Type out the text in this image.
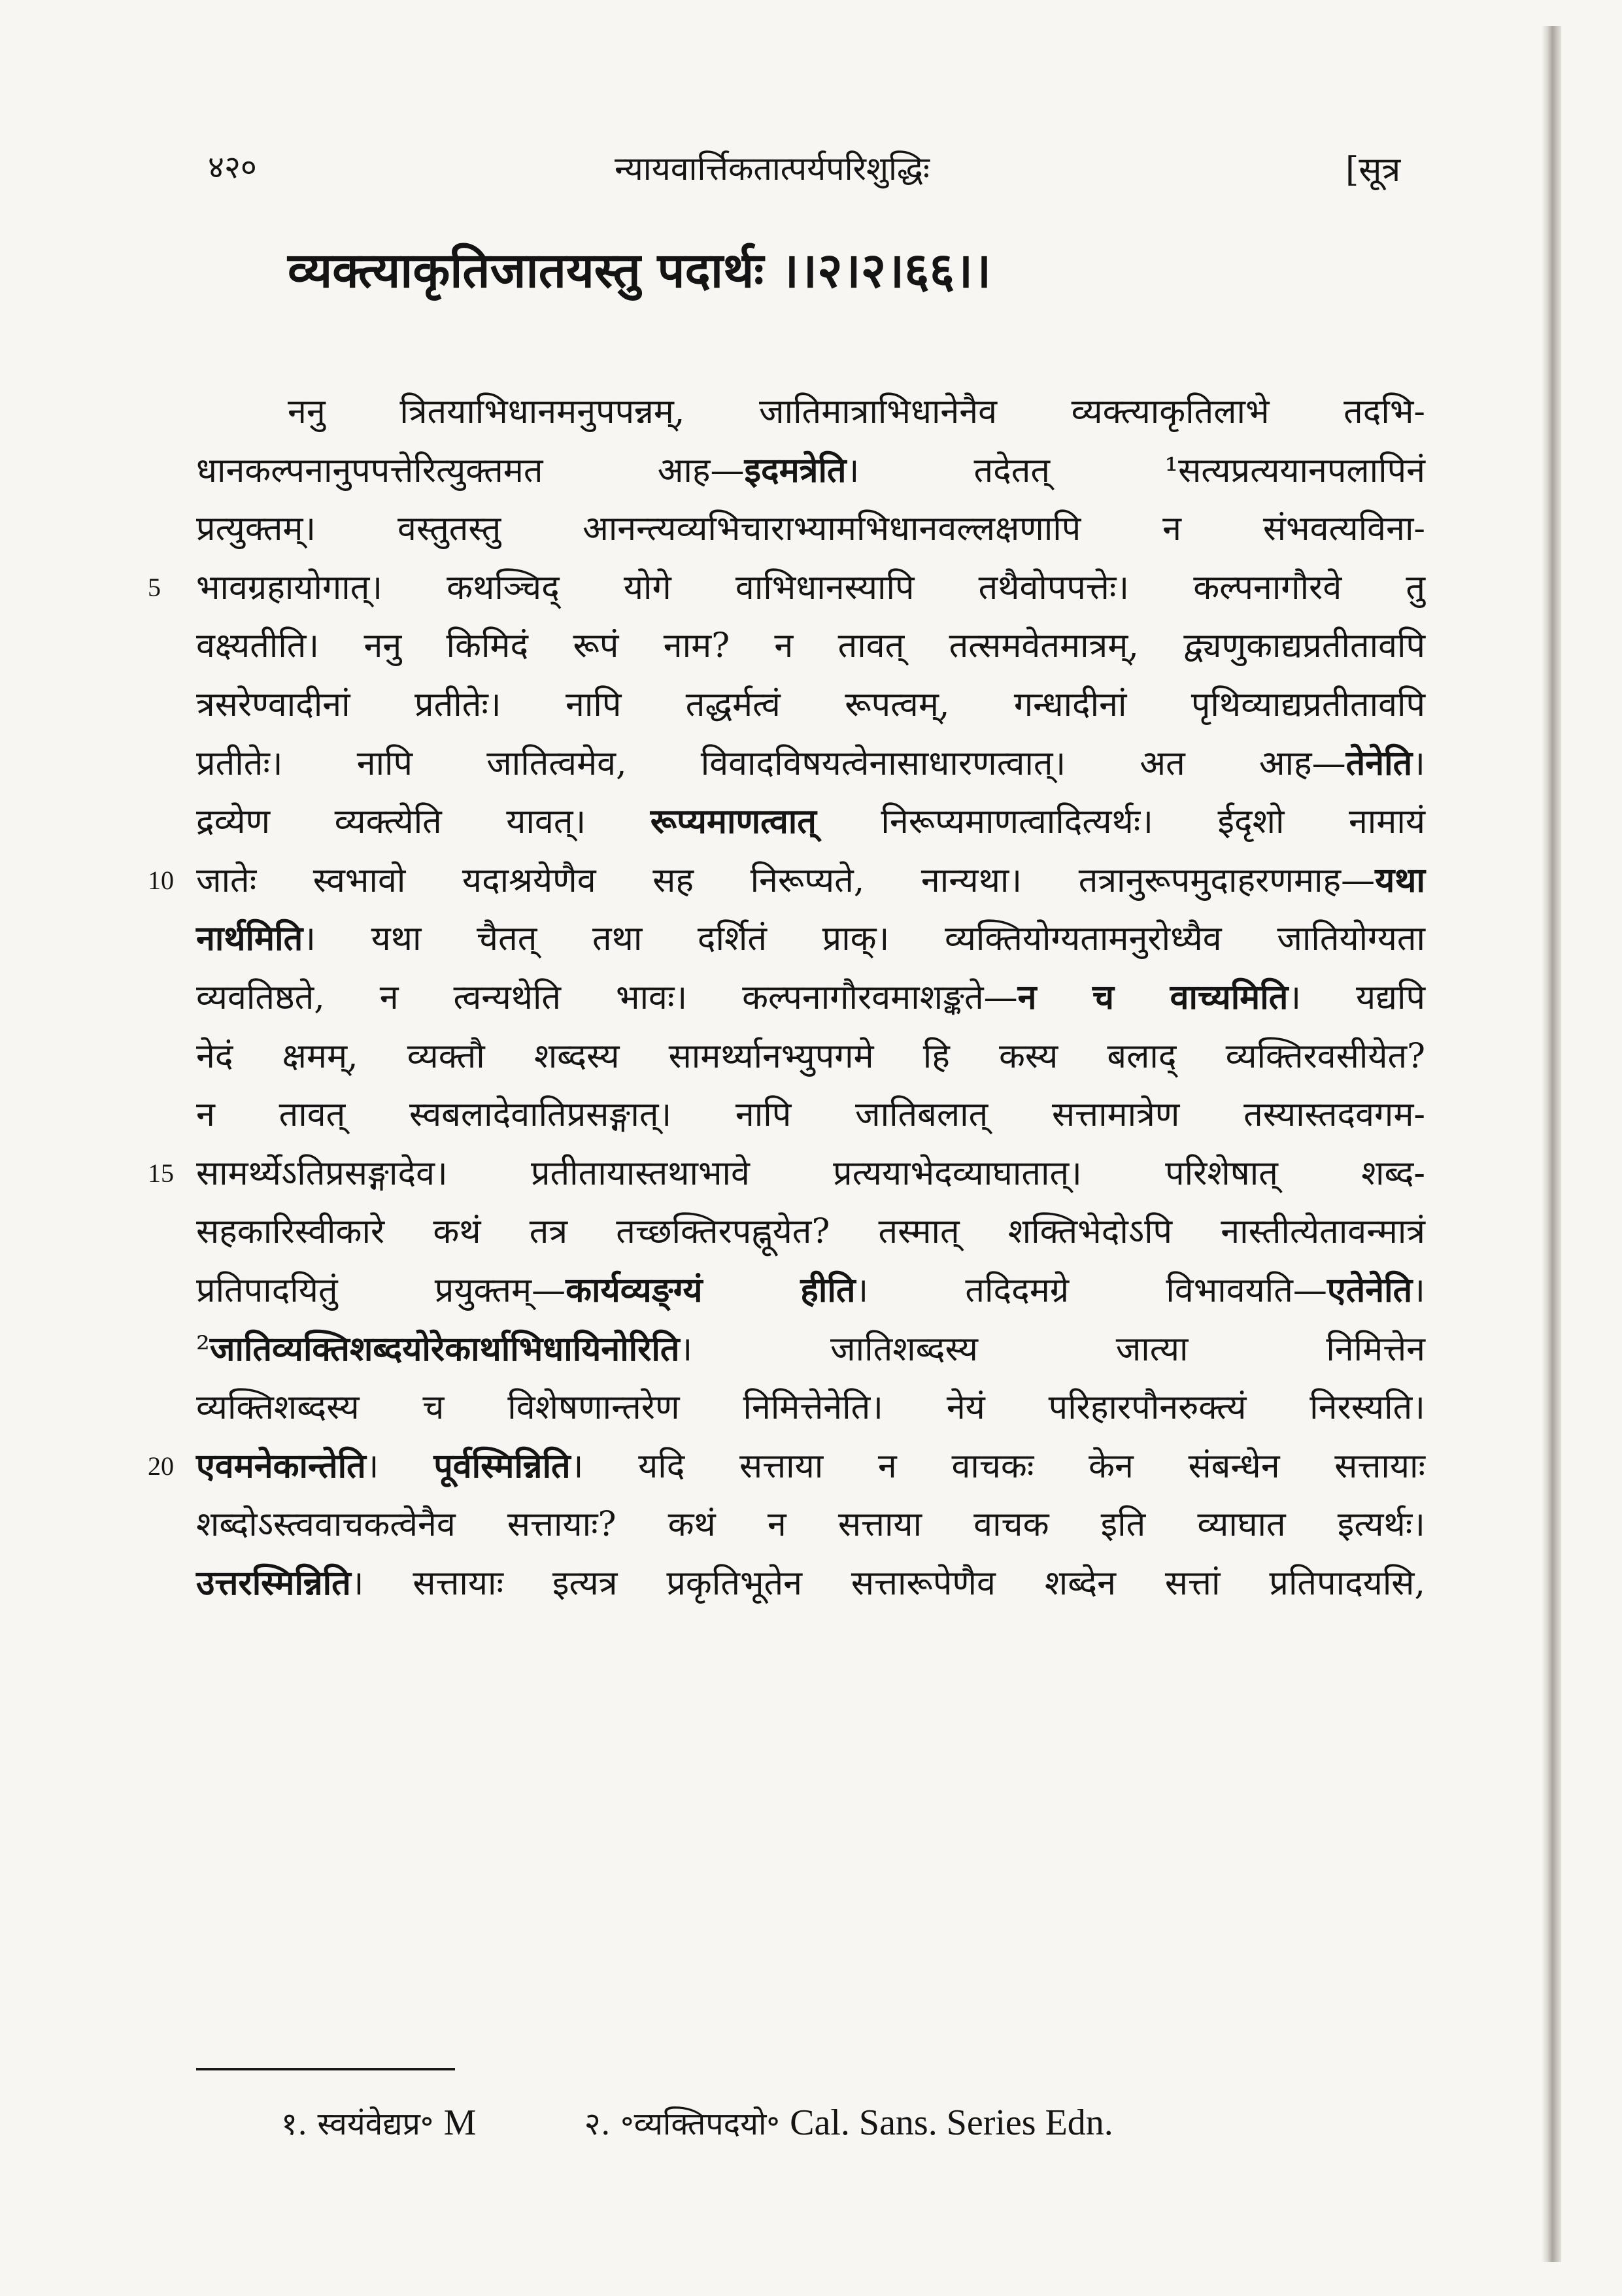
४२०	न्यायवार्त्तिकतात्पर्यपरिशुद्धिः	[सूत्र
व्यक्त्याकृतिजातयस्तु पदार्थः ।।२।२।६६।।
ननु त्रितयाभिधानमनुपपन्नम्, जातिमात्राभिधानेनैव व्यक्त्याकृतिलाभे तदभि-
धानकल्पनानुपपत्तेरित्युक्तमत आह—इदमत्रेति। तदेतत् ¹सत्यप्रत्ययानपलापिनं
प्रत्युक्तम्। वस्तुतस्तु आनन्त्यव्यभिचाराभ्यामभिधानवल्लक्षणापि न संभवत्यविना-
भावग्रहायोगात्। कथञ्चिद् योगे वाभिधानस्यापि तथैवोपपत्तेः। कल्पनागौरवे तु
5
वक्ष्यतीति। ननु किमिदं रूपं नाम? न तावत् तत्समवेतमात्रम्, द्व्यणुकाद्यप्रतीतावपि
त्रसरेण्वादीनां प्रतीतेः। नापि तद्धर्मत्वं रूपत्वम्, गन्धादीनां पृथिव्याद्यप्रतीतावपि
प्रतीतेः। नापि जातित्वमेव, विवादविषयत्वेनासाधारणत्वात्। अत आह—तेनेति।
द्रव्येण व्यक्त्येति यावत्। रूप्यमाणत्वात् निरूप्यमाणत्वादित्यर्थः। ईदृशो नामायं
जातेः स्वभावो यदाश्रयेणैव सह निरूप्यते, नान्यथा। तत्रानुरूपमुदाहरणमाह—यथा
10
नार्थमिति। यथा चैतत् तथा दर्शितं प्राक्। व्यक्तियोग्यतामनुरोध्यैव जातियोग्यता
व्यवतिष्ठते, न त्वन्यथेति भावः। कल्पनागौरवमाशङ्कते—न च वाच्यमिति। यद्यपि
नेदं क्षमम्, व्यक्तौ शब्दस्य सामर्थ्यानभ्युपगमे हि कस्य बलाद् व्यक्तिरवसीयेत?
न तावत् स्वबलादेवातिप्रसङ्गात्। नापि जातिबलात् सत्तामात्रेण तस्यास्तदवगम-
सामर्थ्येऽतिप्रसङ्गादेव। प्रतीतायास्तथाभावे प्रत्ययाभेदव्याघातात्। परिशेषात् शब्द-
15
सहकारिस्वीकारे कथं तत्र तच्छक्तिरपह्नूयेत? तस्मात् शक्तिभेदोऽपि नास्तीत्येतावन्मात्रं
प्रतिपादयितुं प्रयुक्तम्—कार्यव्यङ्ग्यं हीति। तदिदमग्रे विभावयति—एतेनेति।
²जातिव्यक्तिशब्दयोरेकार्थाभिधायिनोरिति। जातिशब्दस्य जात्या निमित्तेन
व्यक्तिशब्दस्य च विशेषणान्तरेण निमित्तेनेति। नेयं परिहारपौनरुक्त्यं निरस्यति।
एवमनेकान्तेति। पूर्वस्मिन्निति। यदि सत्ताया न वाचकः केन संबन्धेन सत्तायाः
20
शब्दोऽस्त्ववाचकत्वेनैव सत्तायाः? कथं न सत्ताया वाचक इति व्याघात इत्यर्थः।
उत्तरस्मिन्निति। सत्तायाः इत्यत्र प्रकृतिभूतेन सत्तारूपेणैव शब्देन सत्तां प्रतिपादयसि,
१. स्वयंवेद्यप्र॰ M	२. ॰व्यक्तिपदयो॰ Cal. Sans. Series Edn.
